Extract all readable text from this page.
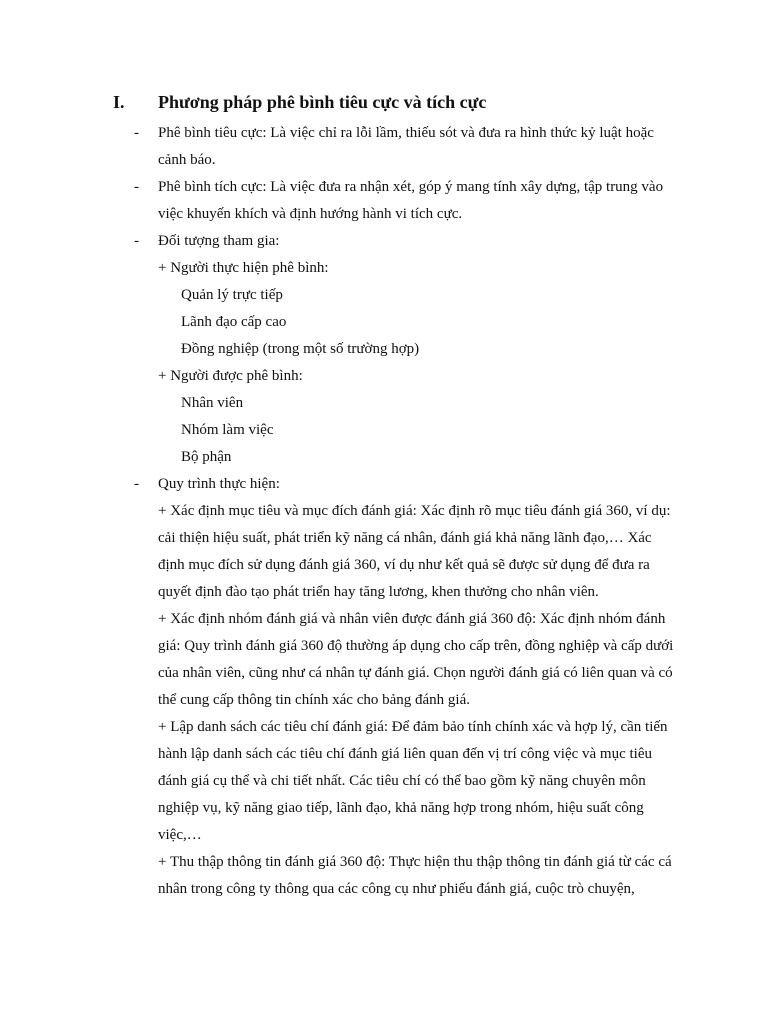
I. Phương pháp phê bình tiêu cực và tích cực
- Phê bình tiêu cực: Là việc chỉ ra lỗi lầm, thiếu sót và đưa ra hình thức kỷ luật hoặc cảnh báo.
- Phê bình tích cực: Là việc đưa ra nhận xét, góp ý mang tính xây dựng, tập trung vào việc khuyến khích và định hướng hành vi tích cực.
- Đối tượng tham gia:
+ Người thực hiện phê bình:
Quản lý trực tiếp
Lãnh đạo cấp cao
Đồng nghiệp (trong một số trường hợp)
+ Người được phê bình:
Nhân viên
Nhóm làm việc
Bộ phận
- Quy trình thực hiện:
+ Xác định mục tiêu và mục đích đánh giá: Xác định rõ mục tiêu đánh giá 360, ví dụ: cải thiện hiệu suất, phát triển kỹ năng cá nhân, đánh giá khả năng lãnh đạo,… Xác định mục đích sử dụng đánh giá 360, ví dụ như kết quả sẽ được sử dụng để đưa ra quyết định đào tạo phát triển hay tăng lương, khen thưởng cho nhân viên.
+ Xác định nhóm đánh giá và nhân viên được đánh giá 360 độ: Xác định nhóm đánh giá: Quy trình đánh giá 360 độ thường áp dụng cho cấp trên, đồng nghiệp và cấp dưới của nhân viên, cũng như cá nhân tự đánh giá. Chọn người đánh giá có liên quan và có thể cung cấp thông tin chính xác cho bảng đánh giá.
+ Lập danh sách các tiêu chí đánh giá: Để đảm bảo tính chính xác và hợp lý, cần tiến hành lập danh sách các tiêu chí đánh giá liên quan đến vị trí công việc và mục tiêu đánh giá cụ thể và chi tiết nhất. Các tiêu chí có thể bao gồm kỹ năng chuyên môn nghiệp vụ, kỹ năng giao tiếp, lãnh đạo, khả năng hợp trong nhóm, hiệu suất công việc,…
+ Thu thập thông tin đánh giá 360 độ: Thực hiện thu thập thông tin đánh giá từ các cá nhân trong công ty thông qua các công cụ như phiếu đánh giá, cuộc trò chuyện,
